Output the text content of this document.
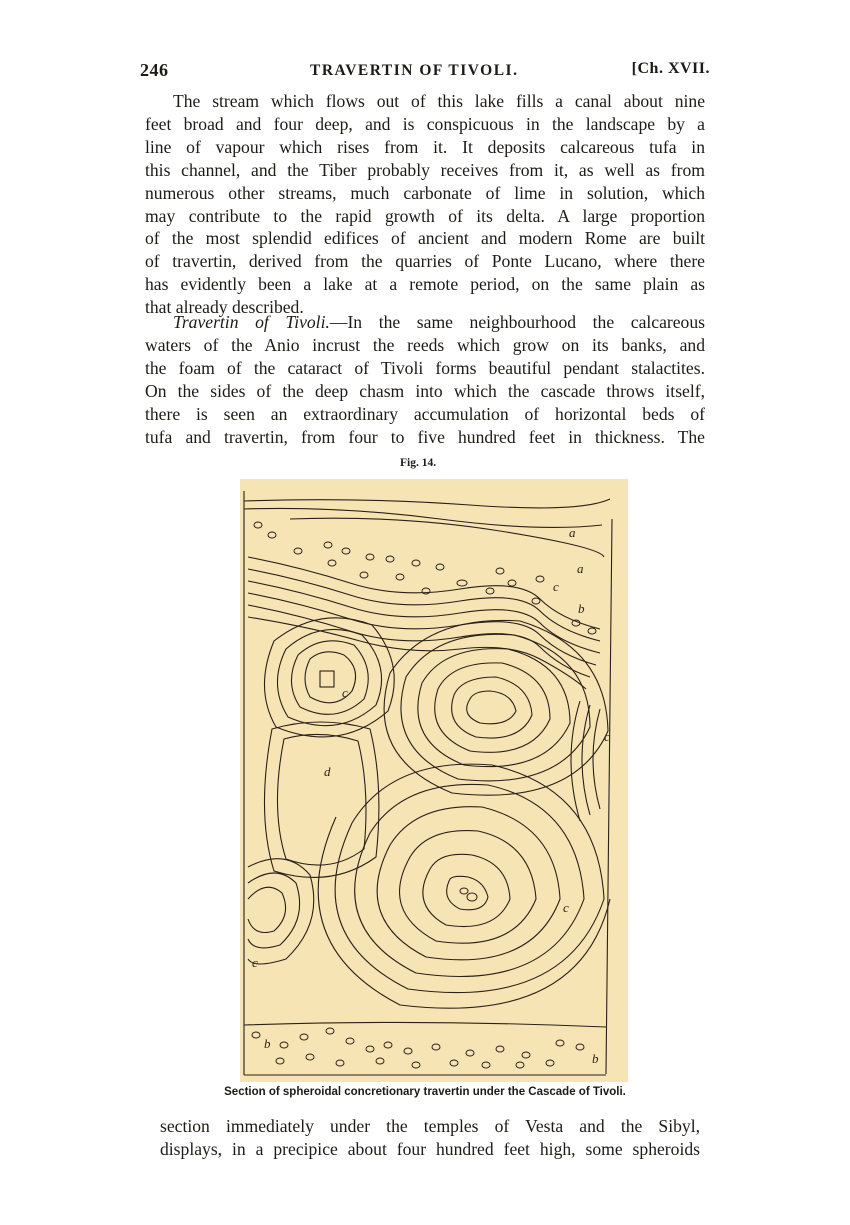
246	TRAVERTIN OF TIVOLI.	[Ch. XVII.
The stream which flows out of this lake fills a canal about nine
feet broad and four deep, and is conspicuous in the landscape by a
line of vapour which rises from it. It deposits calcareous tufa in
this channel, and the Tiber probably receives from it, as well as from
numerous other streams, much carbonate of lime in solution, which
may contribute to the rapid growth of its delta. A large proportion
of the most splendid edifices of ancient and modern Rome are built
of travertin, derived from the quarries of Ponte Lucano, where there
has evidently been a lake at a remote period, on the same plain as
that already described.
Travertin of Tivoli.—In the same neighbourhood the calcareous
waters of the Anio incrust the reeds which grow on its banks, and
the foam of the cataract of Tivoli forms beautiful pendant stalactites.
On the sides of the deep chasm into which the cascade throws itself,
there is seen an extraordinary accumulation of horizontal beds of
tufa and travertin, from four to five hundred feet in thickness. The
Fig. 14.
a
a
b
c
c
d
c
c
c
b
b
Section of spheroidal concretionary travertin under the Cascade of Tivoli.
section immediately under the temples of Vesta and the Sibyl,
displays, in a precipice about four hundred feet high, some spheroids
